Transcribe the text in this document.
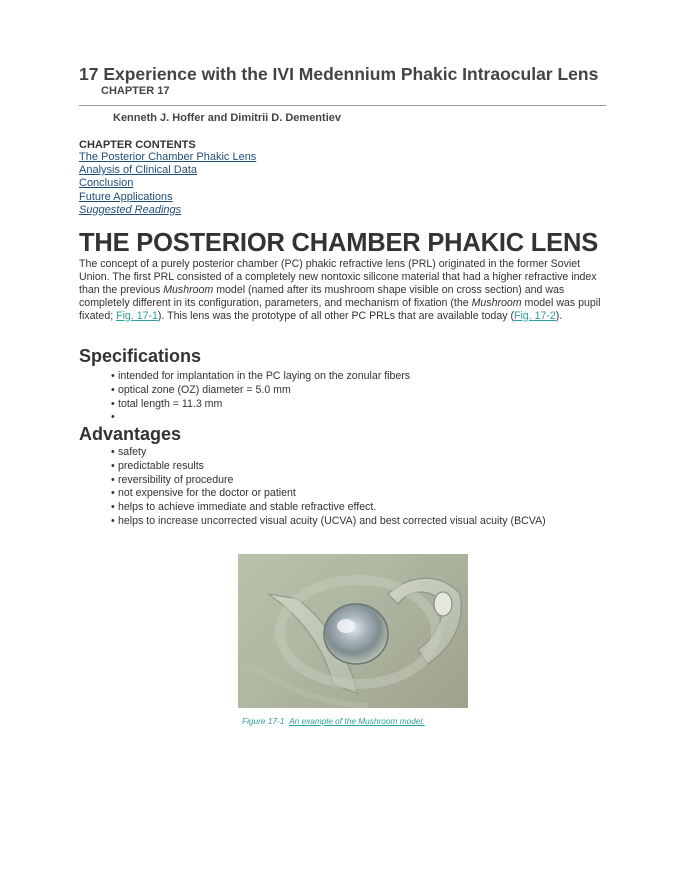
17 Experience with the IVI Medennium Phakic Intraocular Lens
CHAPTER 17
Kenneth J. Hoffer and Dimitrii D. Dementiev
CHAPTER CONTENTS
The Posterior Chamber Phakic Lens
Analysis of Clinical Data
Conclusion
Future Applications
Suggested Readings
THE POSTERIOR CHAMBER PHAKIC LENS
The concept of a purely posterior chamber (PC) phakic refractive lens (PRL) originated in the former Soviet Union. The first PRL consisted of a completely new nontoxic silicone material that had a higher refractive index than the previous Mushroom model (named after its mushroom shape visible on cross section) and was completely different in its configuration, parameters, and mechanism of fixation (the Mushroom model was pupil fixated; Fig. 17-1). This lens was the prototype of all other PC PRLs that are available today (Fig. 17-2).
Specifications
• intended for implantation in the PC laying on the zonular fibers
• optical zone (OZ) diameter = 5.0 mm
• total length = 11.3 mm
•
Advantages
• safety
• predictable results
• reversibility of procedure
• not expensive for the doctor or patient
• helps to achieve immediate and stable refractive effect.
• helps to increase uncorrected visual acuity (UCVA) and best corrected visual acuity (BCVA)
Figure 17-1 An example of the Mushroom model.
